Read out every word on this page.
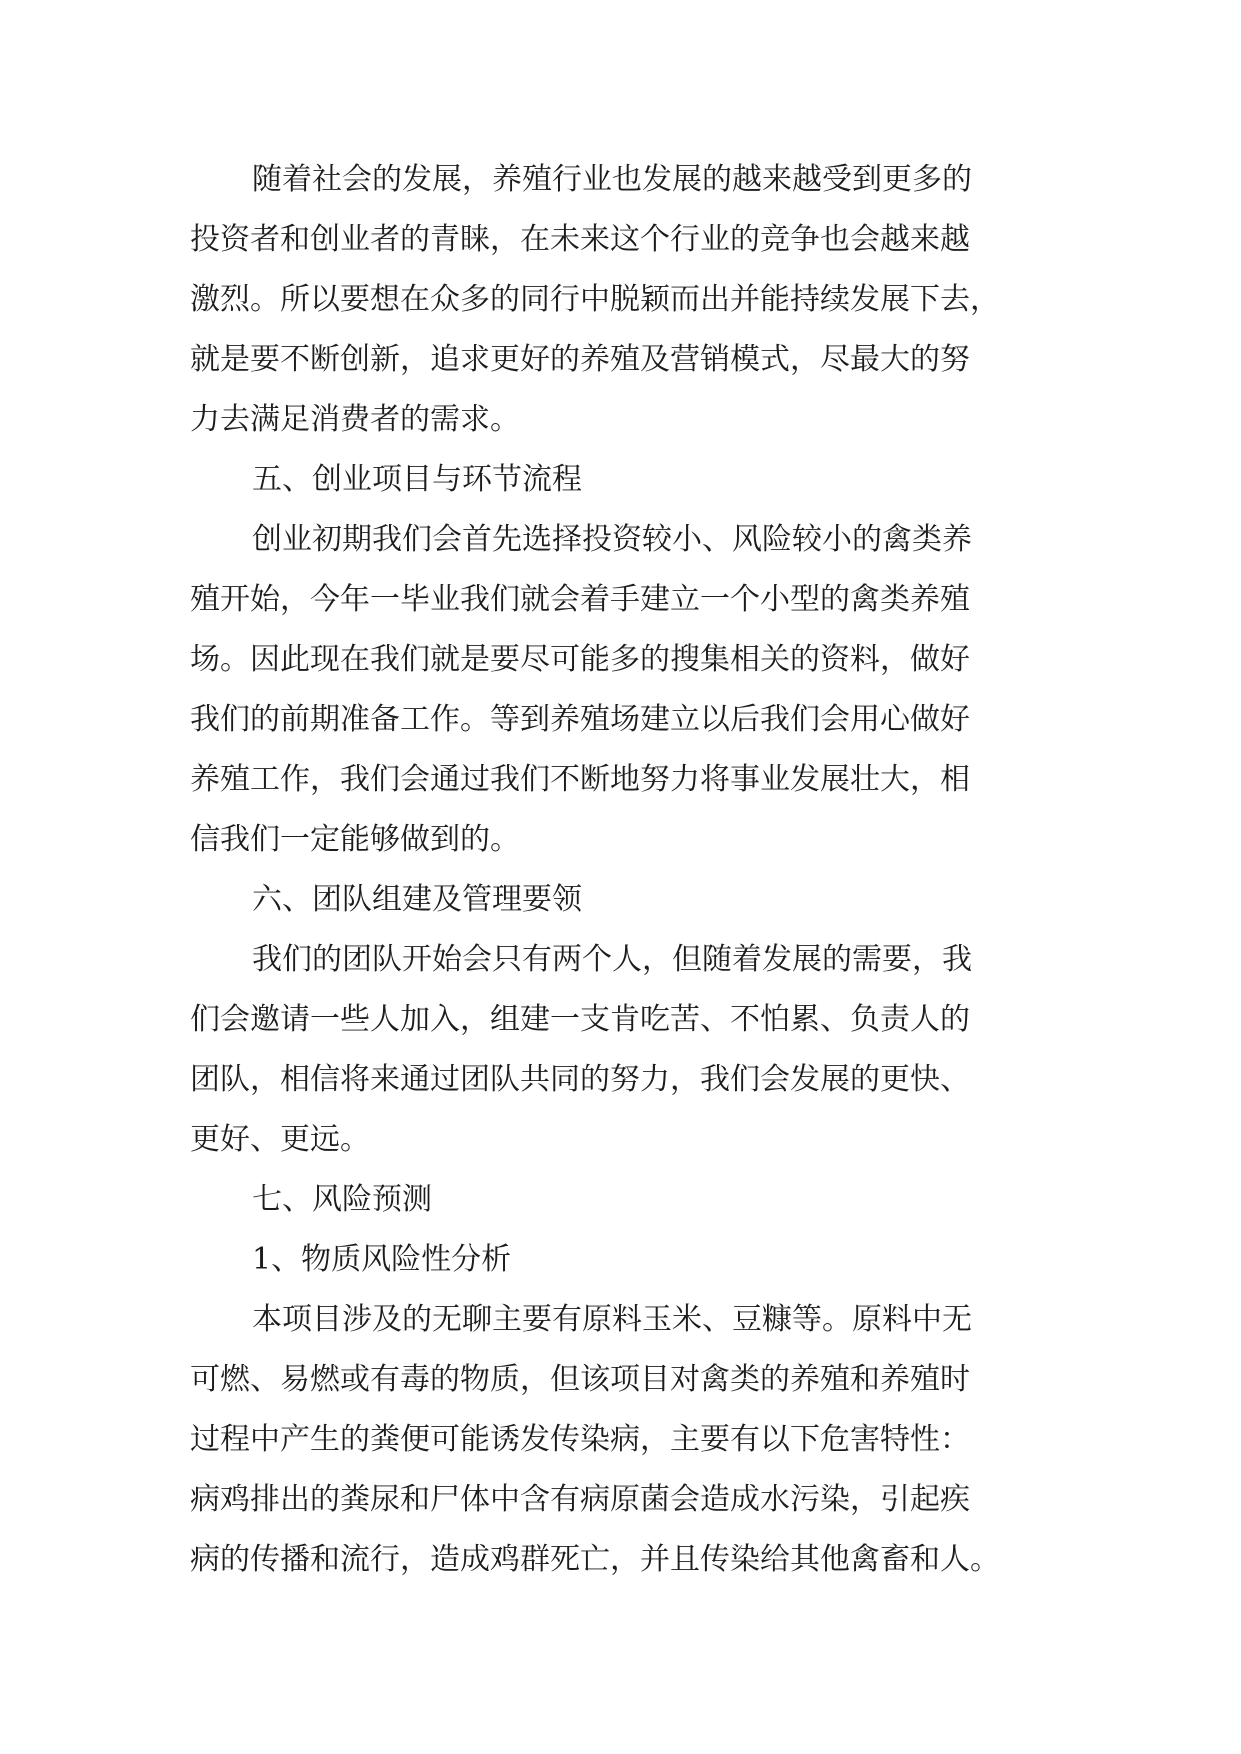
随着社会的发展，养殖行业也发展的越来越受到更多的
投资者和创业者的青睐，在未来这个行业的竞争也会越来越
激烈。所以要想在众多的同行中脱颖而出并能持续发展下去，
就是要不断创新，追求更好的养殖及营销模式，尽最大的努
力去满足消费者的需求。
五、创业项目与环节流程
创业初期我们会首先选择投资较小、风险较小的禽类养
殖开始，今年一毕业我们就会着手建立一个小型的禽类养殖
场。因此现在我们就是要尽可能多的搜集相关的资料，做好
我们的前期准备工作。等到养殖场建立以后我们会用心做好
养殖工作，我们会通过我们不断地努力将事业发展壮大，相
信我们一定能够做到的。
六、团队组建及管理要领
我们的团队开始会只有两个人，但随着发展的需要，我
们会邀请一些人加入，组建一支肯吃苦、不怕累、负责人的
团队，相信将来通过团队共同的努力，我们会发展的更快、
更好、更远。
七、风险预测
1、物质风险性分析
本项目涉及的无聊主要有原料玉米、豆糠等。原料中无
可燃、易燃或有毒的物质，但该项目对禽类的养殖和养殖时
过程中产生的粪便可能诱发传染病，主要有以下危害特性：
病鸡排出的粪尿和尸体中含有病原菌会造成水污染，引起疾
病的传播和流行，造成鸡群死亡，并且传染给其他禽畜和人。
